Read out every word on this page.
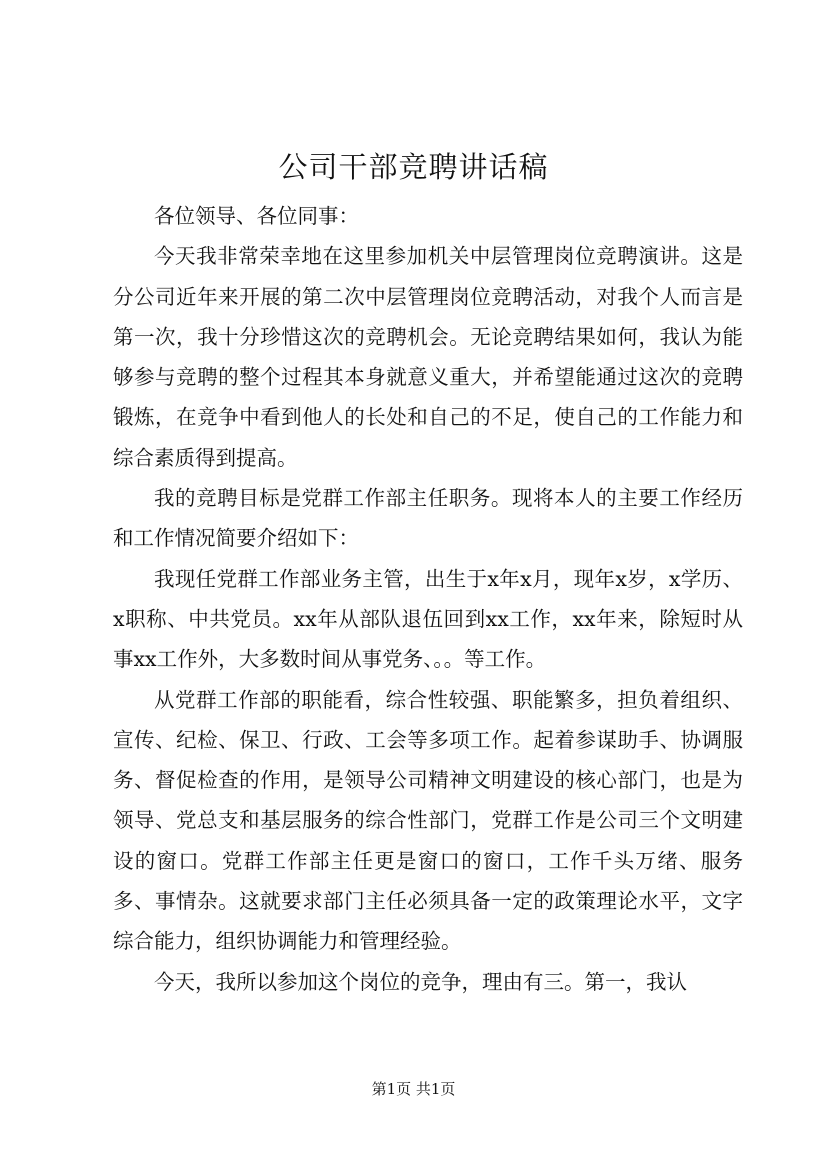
公司干部竞聘讲话稿

各位领导、各位同事：

今天我非常荣幸地在这里参加机关中层管理岗位竞聘演讲。这是分公司近年来开展的第二次中层管理岗位竞聘活动，对我个人而言是第一次，我十分珍惜这次的竞聘机会。无论竞聘结果如何，我认为能够参与竞聘的整个过程其本身就意义重大，并希望能通过这次的竞聘锻炼，在竞争中看到他人的长处和自己的不足，使自己的工作能力和综合素质得到提高。

我的竞聘目标是党群工作部主任职务。现将本人的主要工作经历和工作情况简要介绍如下：

我现任党群工作部业务主管，出生于x年x月，现年x岁，x学历、x职称、中共党员。xx年从部队退伍回到xx工作，xx年来，除短时从事xx工作外，大多数时间从事党务、。。等工作。

从党群工作部的职能看，综合性较强、职能繁多，担负着组织、宣传、纪检、保卫、行政、工会等多项工作。起着参谋助手、协调服务、督促检查的作用，是领导公司精神文明建设的核心部门，也是为领导、党总支和基层服务的综合性部门，党群工作是公司三个文明建设的窗口。党群工作部主任更是窗口的窗口，工作千头万绪、服务多、事情杂。这就要求部门主任必须具备一定的政策理论水平，文字综合能力，组织协调能力和管理经验。

今天，我所以参加这个岗位的竞争，理由有三。第一，我认

第1页 共1页
